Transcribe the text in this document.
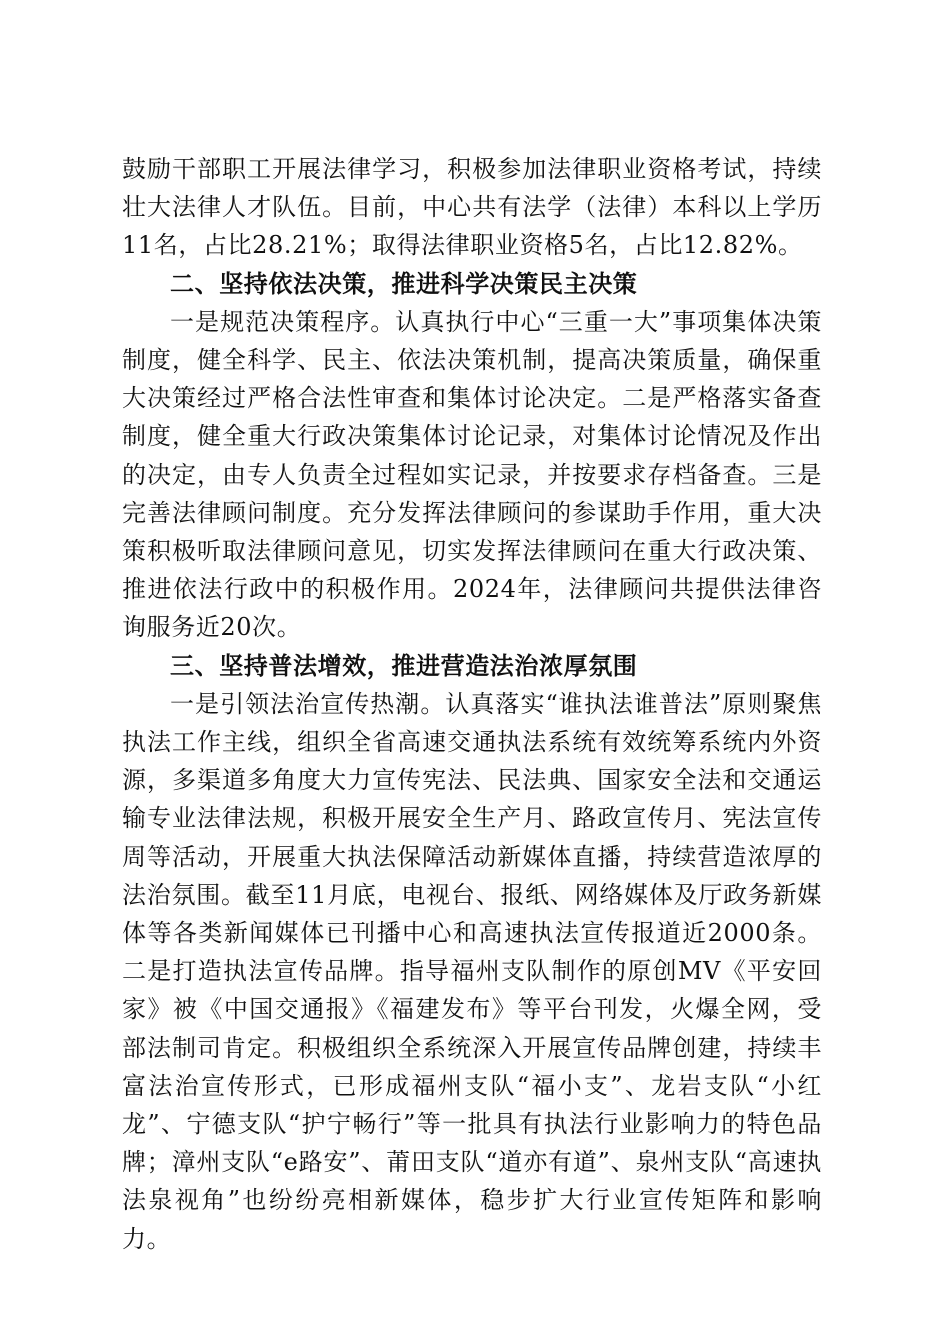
鼓励干部职工开展法律学习，积极参加法律职业资格考试，持续壮大法律人才队伍。目前，中心共有法学（法律）本科以上学历11名，占比28.21%；取得法律职业资格5名，占比12.82%。

二、坚持依法决策，推进科学决策民主决策

一是规范决策程序。认真执行中心“三重一大”事项集体决策制度，健全科学、民主、依法决策机制，提高决策质量，确保重大决策经过严格合法性审查和集体讨论决定。二是严格落实备查制度，健全重大行政决策集体讨论记录，对集体讨论情况及作出的决定，由专人负责全过程如实记录，并按要求存档备查。三是完善法律顾问制度。充分发挥法律顾问的参谋助手作用，重大决策积极听取法律顾问意见，切实发挥法律顾问在重大行政决策、推进依法行政中的积极作用。2024年，法律顾问共提供法律咨询服务近20次。

三、坚持普法增效，推进营造法治浓厚氛围

一是引领法治宣传热潮。认真落实“谁执法谁普法”原则聚焦执法工作主线，组织全省高速交通执法系统有效统筹系统内外资源，多渠道多角度大力宣传宪法、民法典、国家安全法和交通运输专业法律法规，积极开展安全生产月、路政宣传月、宪法宣传周等活动，开展重大执法保障活动新媒体直播，持续营造浓厚的法治氛围。截至11月底，电视台、报纸、网络媒体及厅政务新媒体等各类新闻媒体已刊播中心和高速执法宣传报道近2000条。二是打造执法宣传品牌。指导福州支队制作的原创MV《平安回家》被《中国交通报》《福建发布》等平台刊发，火爆全网，受部法制司肯定。积极组织全系统深入开展宣传品牌创建，持续丰富法治宣传形式，已形成福州支队“福小支”、龙岩支队“小红龙”、宁德支队“护宁畅行”等一批具有执法行业影响力的特色品牌；漳州支队“e路安”、莆田支队“道亦有道”、泉州支队“高速执法泉视角”也纷纷亮相新媒体，稳步扩大行业宣传矩阵和影响力。
